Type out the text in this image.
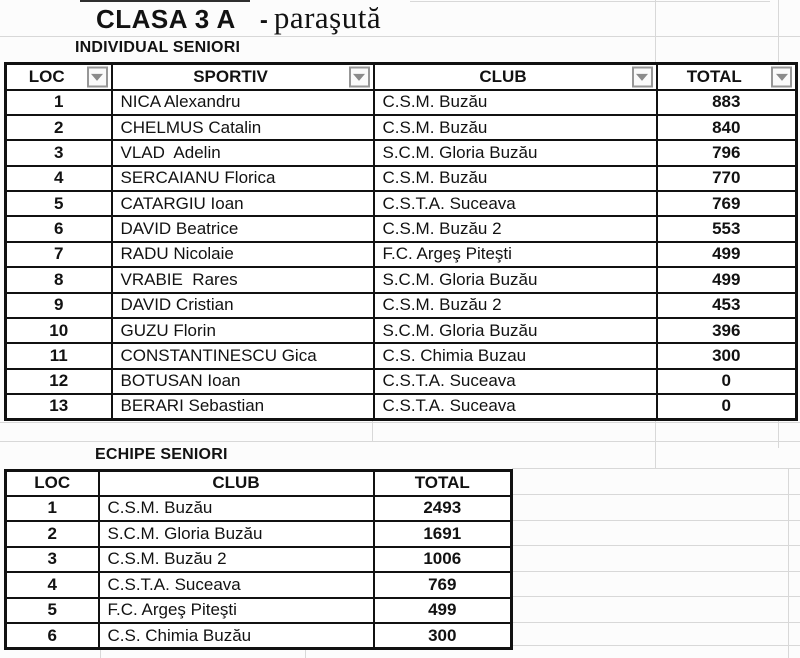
CLASA 3 A - paraşută
INDIVIDUAL SENIORI
LOC	SPORTIV	CLUB	TOTAL

1	NICA Alexandru	C.S.M. Buzău	883
2	CHELMUS Catalin	C.S.M. Buzău	840
3	VLAD  Adelin	S.C.M. Gloria Buzău	796
4	SERCAIANU Florica	C.S.M. Buzău	770
5	CATARGIU Ioan	C.S.T.A. Suceava	769
6	DAVID Beatrice	C.S.M. Buzău 2	553
7	RADU Nicolaie	F.C. Argeş Piteşti	499
8	VRABIE  Rares	S.C.M. Gloria Buzău	499
9	DAVID Cristian	C.S.M. Buzău 2	453
10	GUZU Florin	S.C.M. Gloria Buzău	396
11	CONSTANTINESCU Gica	C.S. Chimia Buzau	300
12	BOTUSAN Ioan	C.S.T.A. Suceava	0
13	BERARI Sebastian	C.S.T.A. Suceava	0
ECHIPE SENIORI
LOC	CLUB	TOTAL

1	C.S.M. Buzău	2493
2	S.C.M. Gloria Buzău	1691
3	C.S.M. Buzău 2	1006
4	C.S.T.A. Suceava	769
5	F.C. Argeş Piteşti	499
6	C.S. Chimia Buzău	300
